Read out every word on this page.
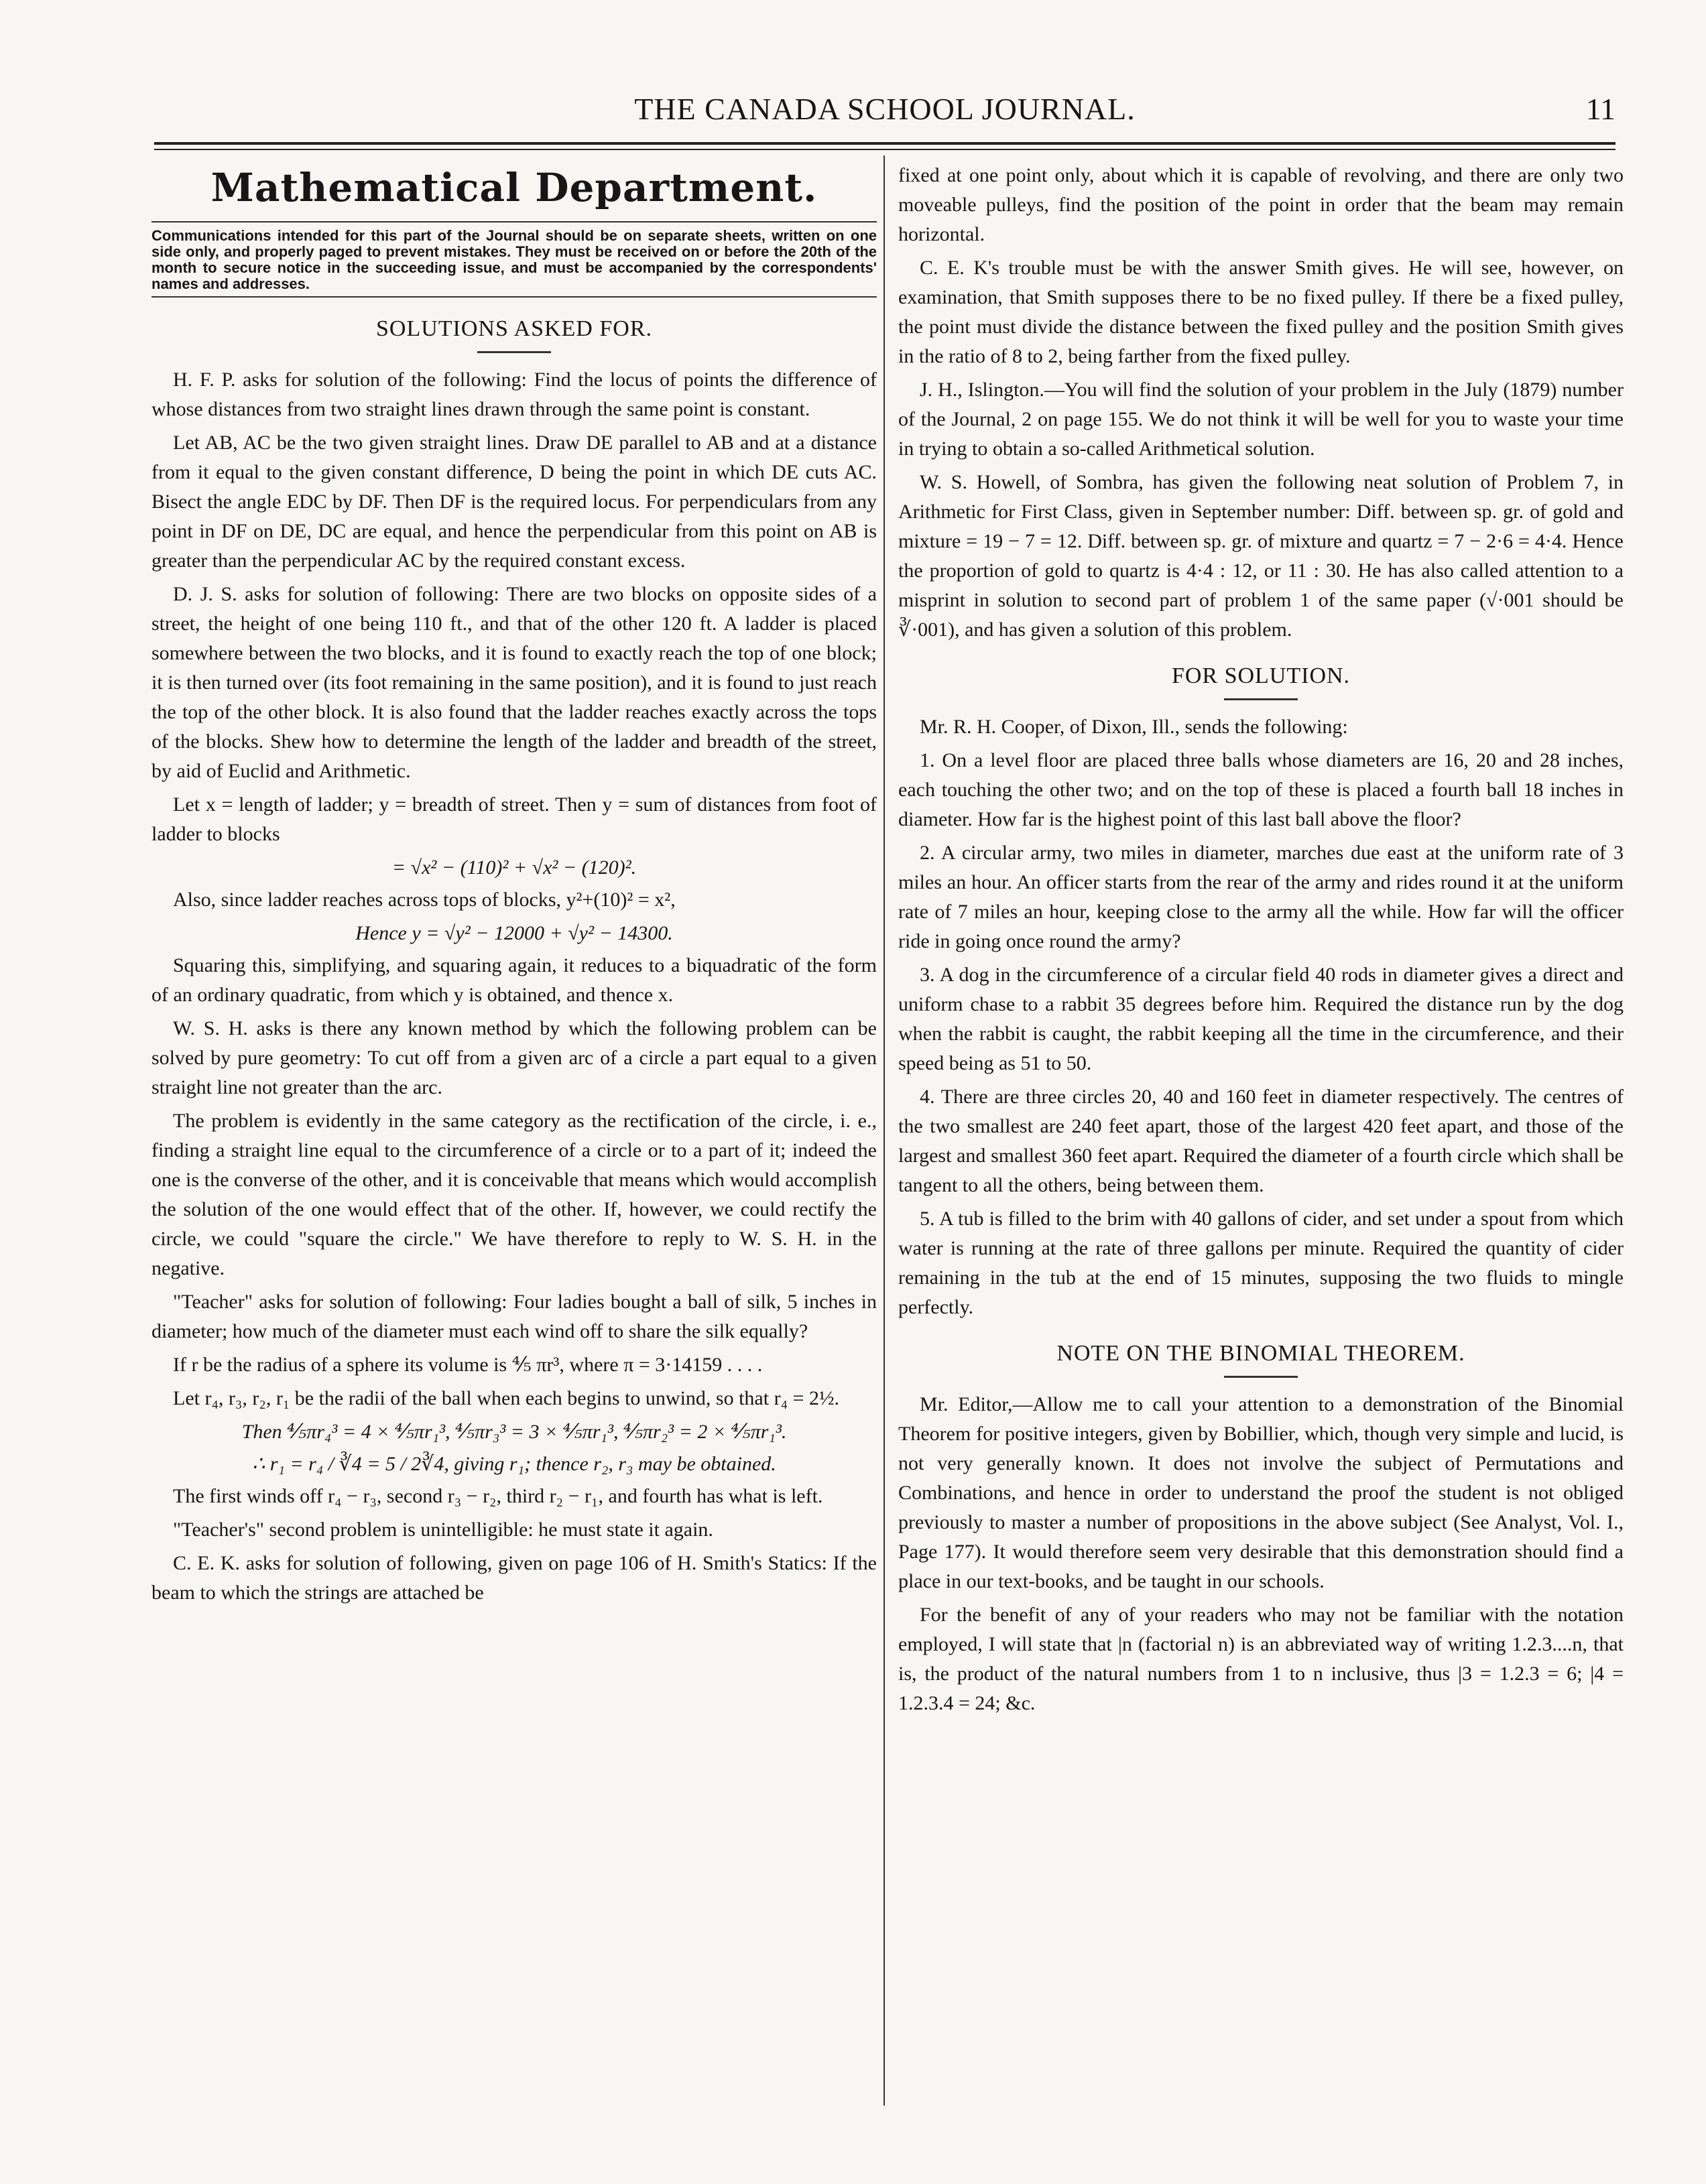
THE CANADA SCHOOL JOURNAL.	11
Mathematical Department.
Communications intended for this part of the Journal should be on separate sheets, written on one side only, and properly paged to prevent mistakes. They must be received on or before the 20th of the month to secure notice in the succeeding issue, and must be accompanied by the correspondents' names and addresses.
SOLUTIONS ASKED FOR.

H. F. P. asks for solution of the following: Find the locus of points the difference of whose distances from two straight lines drawn through the same point is constant.

Let AB, AC be the two given straight lines. Draw DE parallel to AB and at a distance from it equal to the given constant difference, D being the point in which DE cuts AC. Bisect the angle EDC by DF. Then DF is the required locus. For perpendiculars from any point in DF on DE, DC are equal, and hence the perpendicular from this point on AB is greater than the perpendicular AC by the required constant excess.

D. J. S. asks for solution of following: There are two blocks on opposite sides of a street, the height of one being 110 ft., and that of the other 120 ft. A ladder is placed somewhere between the two blocks, and it is found to exactly reach the top of one block; it is then turned over (its foot remaining in the same position), and it is found to just reach the top of the other block. It is also found that the ladder reaches exactly across the tops of the blocks. Shew how to determine the length of the ladder and breadth of the street, by aid of Euclid and Arithmetic.

Let x = length of ladder; y = breadth of street. Then y = sum of distances from foot of ladder to blocks

= √x² − (110)² + √x² − (120)².

Also, since ladder reaches across tops of blocks, y²+(10)² = x²,

Hence y = √y² − 12000 + √y² − 14300.

Squaring this, simplifying, and squaring again, it reduces to a biquadratic of the form of an ordinary quadratic, from which y is obtained, and thence x.

W. S. H. asks is there any known method by which the following problem can be solved by pure geometry: To cut off from a given arc of a circle a part equal to a given straight line not greater than the arc.

The problem is evidently in the same category as the rectification of the circle, i. e., finding a straight line equal to the circumference of a circle or to a part of it; indeed the one is the converse of the other, and it is conceivable that means which would accomplish the solution of the one would effect that of the other. If, however, we could rectify the circle, we could "square the circle." We have therefore to reply to W. S. H. in the negative.

"Teacher" asks for solution of following: Four ladies bought a ball of silk, 5 inches in diameter; how much of the diameter must each wind off to share the silk equally?

If r be the radius of a sphere its volume is ⅘ πr³, where π = 3·14159 . . . .

Let r₄, r₃, r₂, r₁ be the radii of the ball when each begins to unwind, so that r₄ = 2½.

Then ⅘πr₄³ = 4 × ⅘πr₁³, ⅘πr₃³ = 3 × ⅘πr₁³, ⅘πr₂³ = 2 × ⅘πr₁³.

∴ r₁ = r₄ / ∛4 = 5 / 2∛4, giving r₁; thence r₂, r₃ may be obtained.

The first winds off r₄ − r₃, second r₃ − r₂, third r₂ − r₁, and fourth has what is left.

"Teacher's" second problem is unintelligible: he must state it again.

C. E. K. asks for solution of following, given on page 106 of H. Smith's Statics: If the beam to which the strings are attached be

fixed at one point only, about which it is capable of revolving, and there are only two moveable pulleys, find the position of the point in order that the beam may remain horizontal.

C. E. K's trouble must be with the answer Smith gives. He will see, however, on examination, that Smith supposes there to be no fixed pulley. If there be a fixed pulley, the point must divide the distance between the fixed pulley and the position Smith gives in the ratio of 8 to 2, being farther from the fixed pulley.

J. H., Islington.—You will find the solution of your problem in the July (1879) number of the Journal, 2 on page 155. We do not think it will be well for you to waste your time in trying to obtain a so-called Arithmetical solution.

W. S. Howell, of Sombra, has given the following neat solution of Problem 7, in Arithmetic for First Class, given in September number: Diff. between sp. gr. of gold and mixture = 19 − 7 = 12. Diff. between sp. gr. of mixture and quartz = 7 − 2·6 = 4·4. Hence the proportion of gold to quartz is 4·4 : 12, or 11 : 30. He has also called attention to a misprint in solution to second part of problem 1 of the same paper (√·001 should be ∛·001), and has given a solution of this problem.

FOR SOLUTION.

Mr. R. H. Cooper, of Dixon, Ill., sends the following:

1. On a level floor are placed three balls whose diameters are 16, 20 and 28 inches, each touching the other two; and on the top of these is placed a fourth ball 18 inches in diameter. How far is the highest point of this last ball above the floor?

2. A circular army, two miles in diameter, marches due east at the uniform rate of 3 miles an hour. An officer starts from the rear of the army and rides round it at the uniform rate of 7 miles an hour, keeping close to the army all the while. How far will the officer ride in going once round the army?

3. A dog in the circumference of a circular field 40 rods in diameter gives a direct and uniform chase to a rabbit 35 degrees before him. Required the distance run by the dog when the rabbit is caught, the rabbit keeping all the time in the circumference, and their speed being as 51 to 50.

4. There are three circles 20, 40 and 160 feet in diameter respectively. The centres of the two smallest are 240 feet apart, those of the largest 420 feet apart, and those of the largest and smallest 360 feet apart. Required the diameter of a fourth circle which shall be tangent to all the others, being between them.

5. A tub is filled to the brim with 40 gallons of cider, and set under a spout from which water is running at the rate of three gallons per minute. Required the quantity of cider remaining in the tub at the end of 15 minutes, supposing the two fluids to mingle perfectly.

NOTE ON THE BINOMIAL THEOREM.

Mr. Editor,—Allow me to call your attention to a demonstration of the Binomial Theorem for positive integers, given by Bobillier, which, though very simple and lucid, is not very generally known. It does not involve the subject of Permutations and Combinations, and hence in order to understand the proof the student is not obliged previously to master a number of propositions in the above subject (See Analyst, Vol. I., Page 177). It would therefore seem very desirable that this demonstration should find a place in our text-books, and be taught in our schools.

For the benefit of any of your readers who may not be familiar with the notation employed, I will state that |n (factorial n) is an abbreviated way of writing 1.2.3....n, that is, the product of the natural numbers from 1 to n inclusive, thus |3 = 1.2.3 = 6; |4 = 1.2.3.4 = 24; &c.
